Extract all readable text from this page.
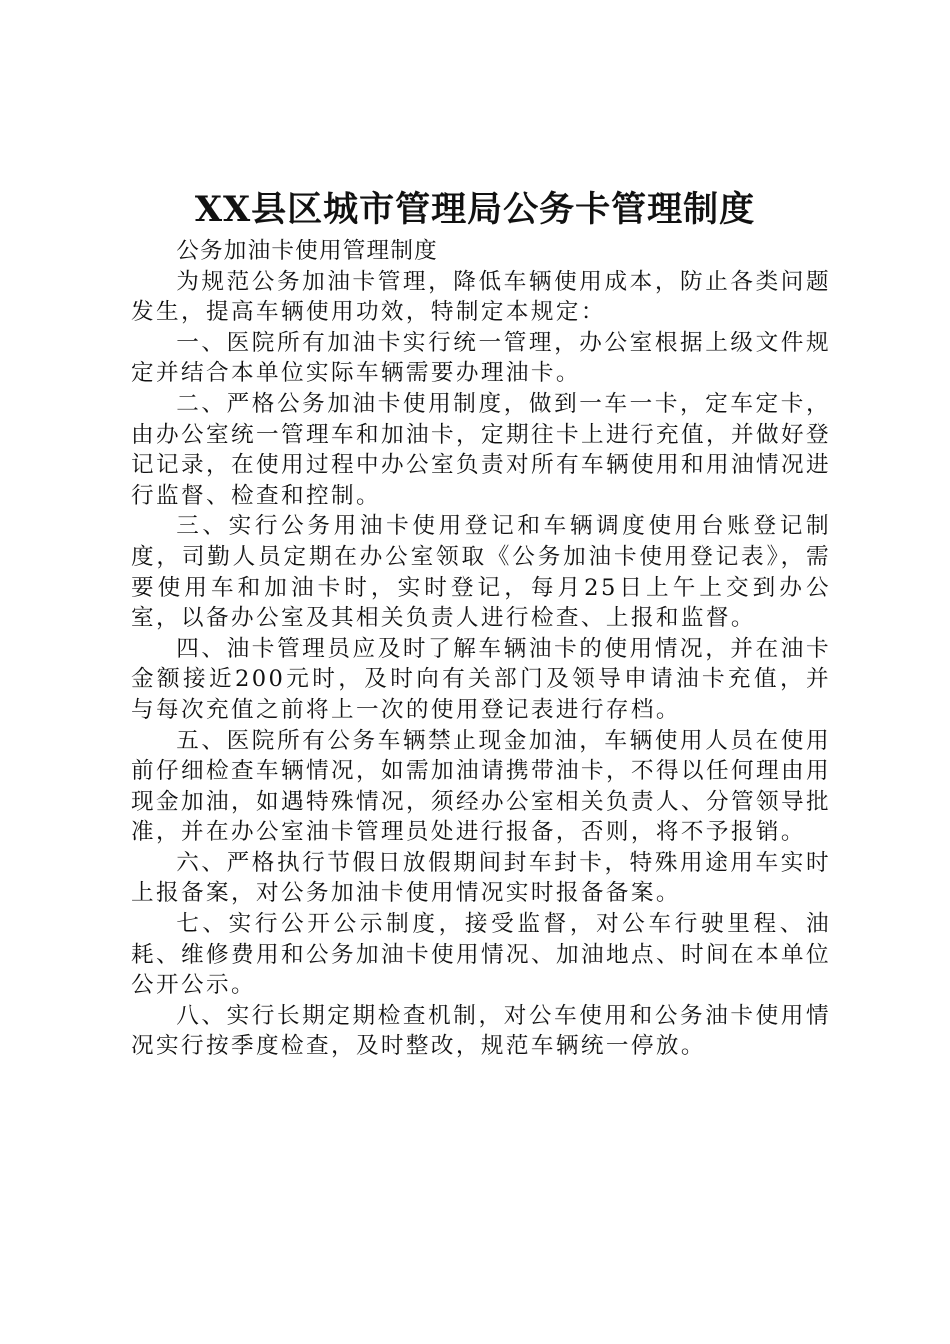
XX县区城市管理局公务卡管理制度

公务加油卡使用管理制度

为规范公务加油卡管理，降低车辆使用成本，防止各类问题发生，提高车辆使用功效，特制定本规定：

一、医院所有加油卡实行统一管理，办公室根据上级文件规定并结合本单位实际车辆需要办理油卡。

二、严格公务加油卡使用制度，做到一车一卡，定车定卡，由办公室统一管理车和加油卡，定期往卡上进行充值，并做好登记记录，在使用过程中办公室负责对所有车辆使用和用油情况进行监督、检查和控制。

三、实行公务用油卡使用登记和车辆调度使用台账登记制度，司勤人员定期在办公室领取《公务加油卡使用登记表》，需要使用车和加油卡时，实时登记，每月25日上午上交到办公室，以备办公室及其相关负责人进行检查、上报和监督。

四、油卡管理员应及时了解车辆油卡的使用情况，并在油卡金额接近200元时，及时向有关部门及领导申请油卡充值，并与每次充值之前将上一次的使用登记表进行存档。

五、医院所有公务车辆禁止现金加油，车辆使用人员在使用前仔细检查车辆情况，如需加油请携带油卡，不得以任何理由用现金加油，如遇特殊情况，须经办公室相关负责人、分管领导批准，并在办公室油卡管理员处进行报备，否则，将不予报销。

六、严格执行节假日放假期间封车封卡，特殊用途用车实时上报备案，对公务加油卡使用情况实时报备备案。

七、实行公开公示制度，接受监督，对公车行驶里程、油耗、维修费用和公务加油卡使用情况、加油地点、时间在本单位公开公示。

八、实行长期定期检查机制，对公车使用和公务油卡使用情况实行按季度检查，及时整改，规范车辆统一停放。
